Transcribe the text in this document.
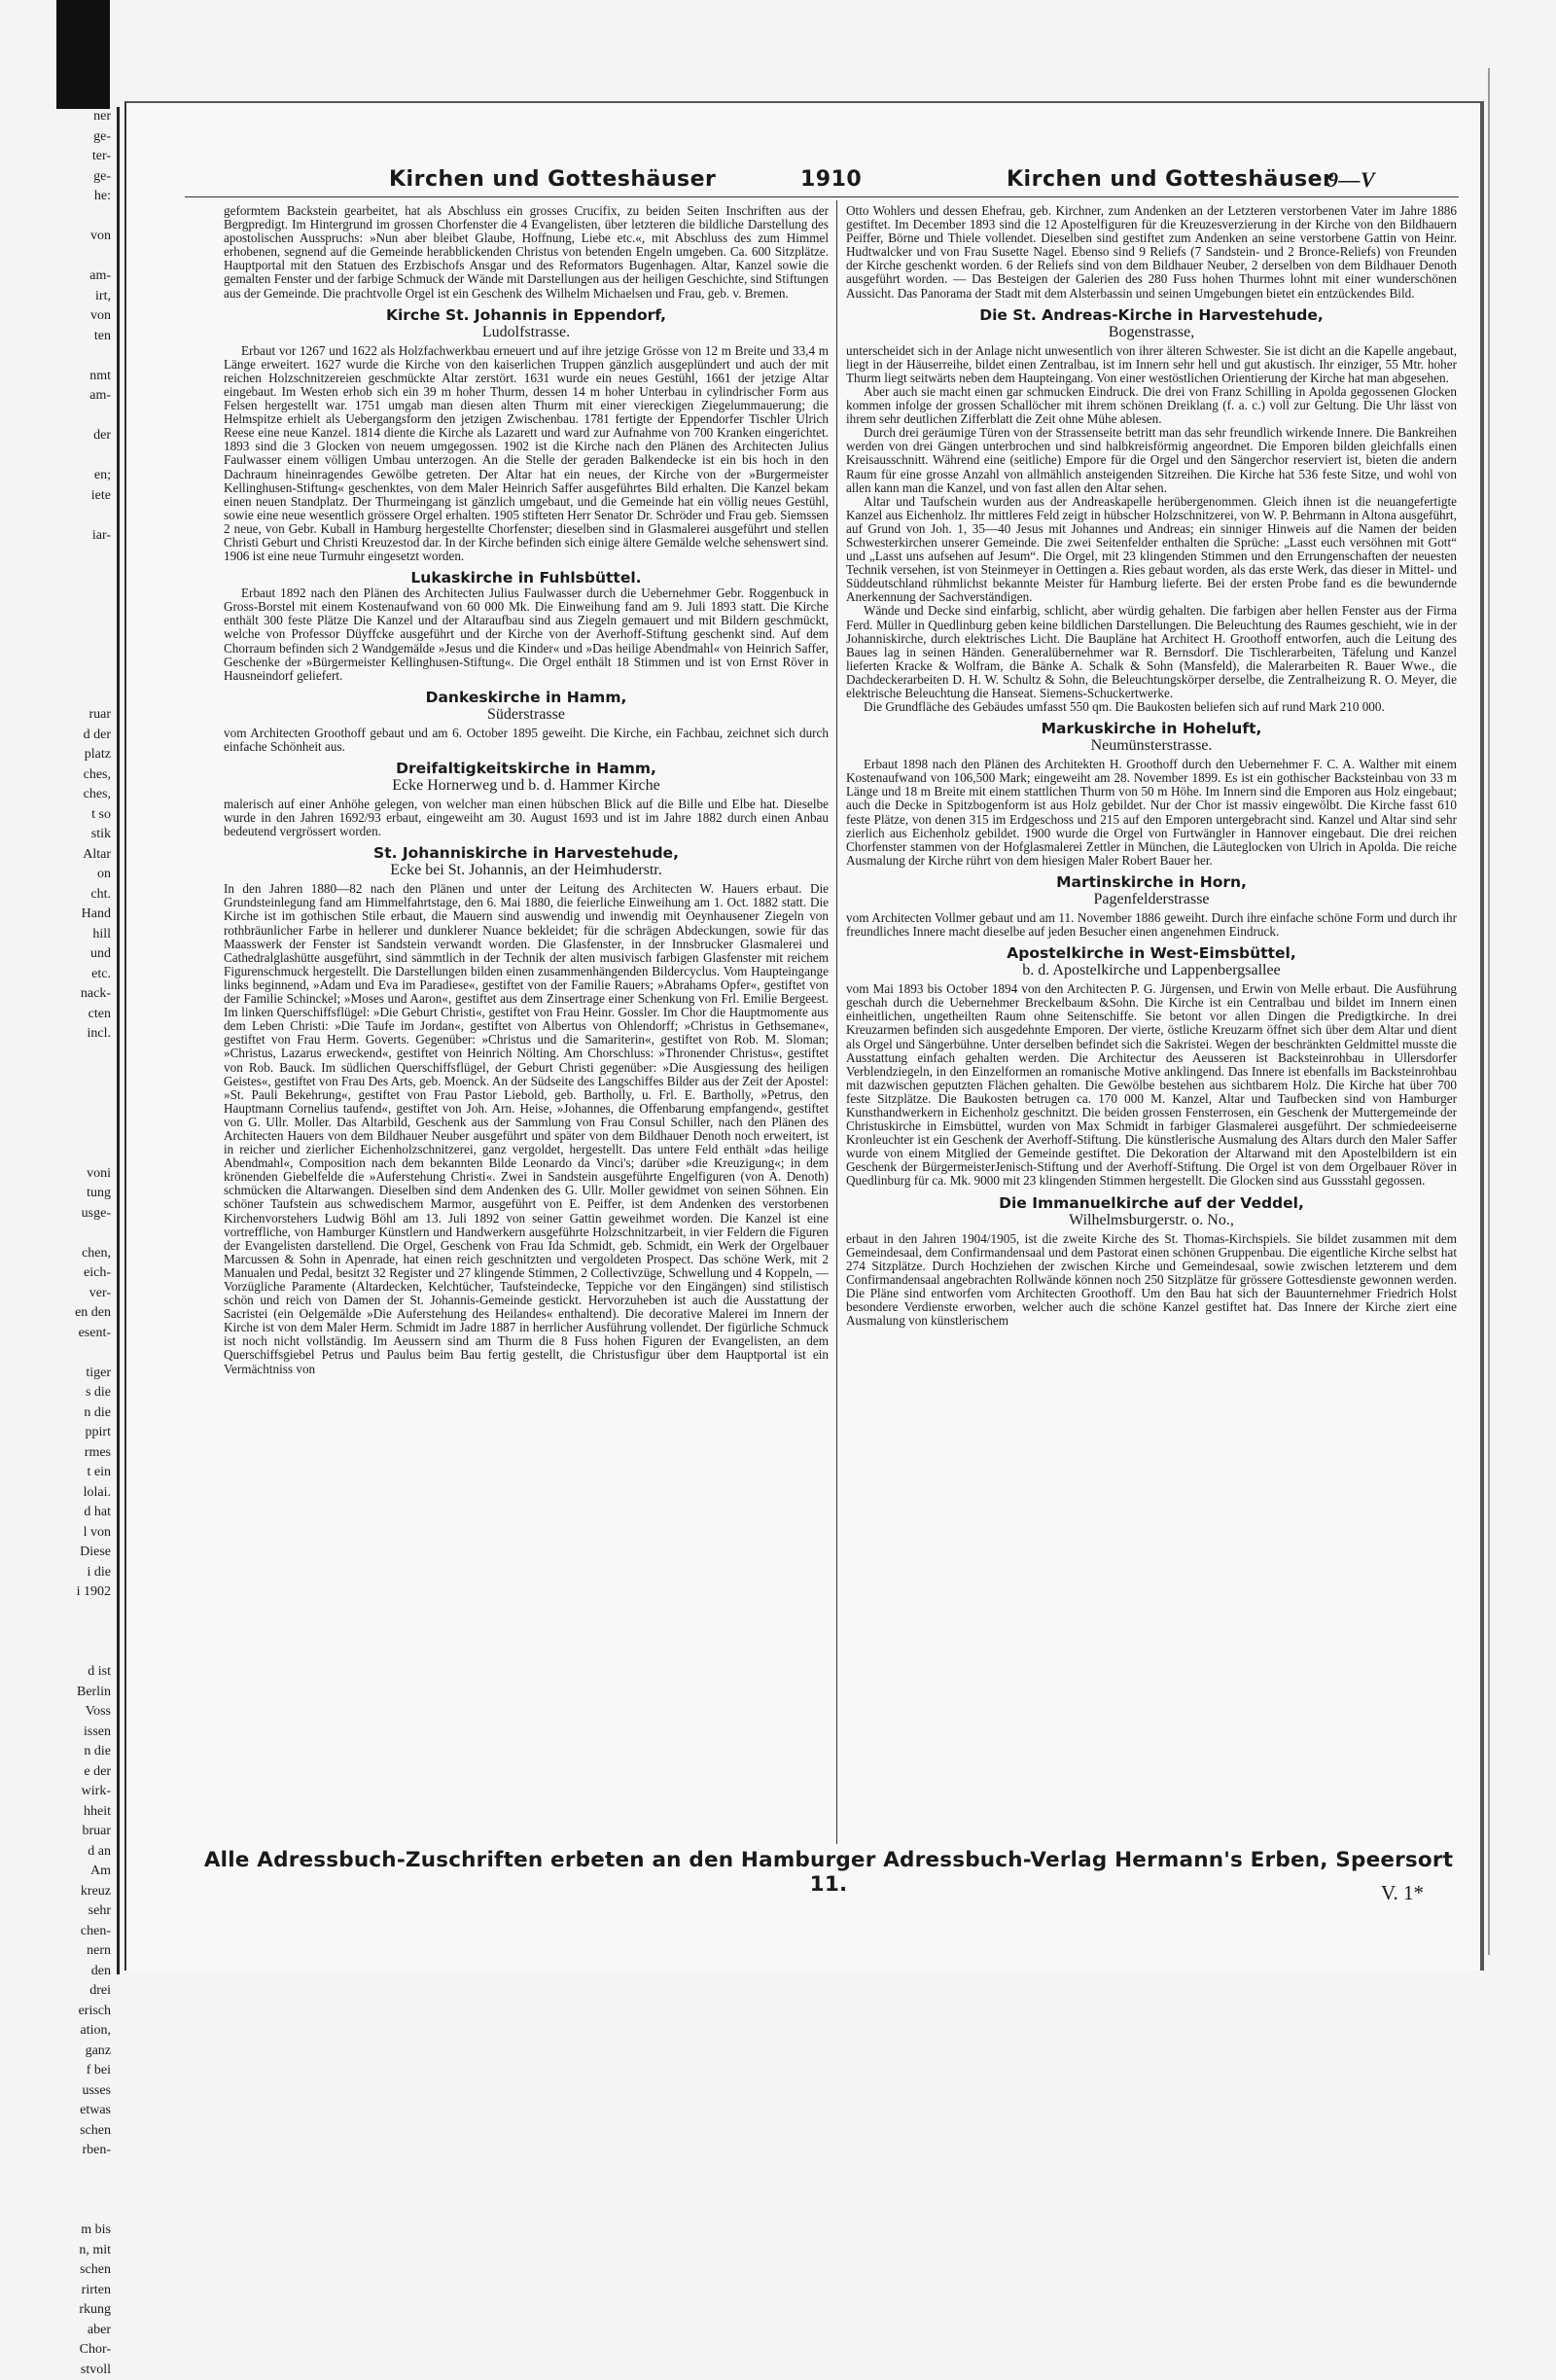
ner
ge-
ter-
ge-
he:

von

am-
irt,
von
ten

nmt
am-

der

en;
iete

iar-

ruar
d der
platz
ches,
ches,
t so
stik
Altar
on
cht.
Hand
hill
und
etc.
nack-
cten
incl.

voni
tung
usge-

chen,
eich-
ver-
en den
esent-

tiger
s die
n die
ppirt
rmes
t ein
lolai.
d hat
l von
Diese
i die
i 1902

d ist
Berlin
Voss
issen
n die
e der
wirk-
hheit
bruar
d an
Am
kreuz
sehr
chen-
nern
den
drei
erisch
ation,
ganz
f bei
usses
etwas
schen
rben-

m bis
n, mit
schen
rirten
rkung
aber
Chor-
stvoll
Kirchen und Gotteshäuser	1910	Kirchen und Gotteshäuser
9—V

geformtem Backstein gearbeitet, hat als Abschluss ein grosses Crucifix, zu beiden Seiten Inschriften aus der Bergpredigt. Im Hintergrund im grossen Chorfenster die 4 Evangelisten, über letzteren die bildliche Darstellung des apostolischen Ausspruchs: »Nun aber bleibet Glaube, Hoffnung, Liebe etc.«, mit Abschluss des zum Himmel erhobenen, segnend auf die Gemeinde herabblickenden Christus von betenden Engeln umgeben. Ca. 600 Sitzplätze. Hauptportal mit den Statuen des Erzbischofs Ansgar und des Reformators Bugenhagen. Altar, Kanzel sowie die gemalten Fenster und der farbige Schmuck der Wände mit Darstellungen aus der heiligen Geschichte, sind Stiftungen aus der Gemeinde. Die prachtvolle Orgel ist ein Geschenk des Wilhelm Michaelsen und Frau, geb. v. Bremen.

Kirche St. Johannis in Eppendorf,
Ludolfstrasse.

Erbaut vor 1267 und 1622 als Holzfachwerkbau erneuert und auf ihre jetzige Grösse von 12 m Breite und 33,4 m Länge erweitert. 1627 wurde die Kirche von den kaiserlichen Truppen gänzlich ausgeplündert und auch der mit reichen Holzschnitzereien geschmückte Altar zerstört. 1631 wurde ein neues Gestühl, 1661 der jetzige Altar eingebaut. Im Westen erhob sich ein 39 m hoher Thurm, dessen 14 m hoher Unterbau in cylindrischer Form aus Felsen hergestellt war. 1751 umgab man diesen alten Thurm mit einer viereckigen Ziegelummauerung; die Helmspitze erhielt als Uebergangsform den jetzigen Zwischenbau. 1781 fertigte der Eppendorfer Tischler Ulrich Reese eine neue Kanzel. 1814 diente die Kirche als Lazarett und ward zur Aufnahme von 700 Kranken eingerichtet. 1893 sind die 3 Glocken von neuem umgegossen. 1902 ist die Kirche nach den Plänen des Architecten Julius Faulwasser einem völligen Umbau unterzogen. An die Stelle der geraden Balkendecke ist ein bis hoch in den Dachraum hineinragendes Gewölbe getreten. Der Altar hat ein neues, der Kirche von der »Burgermeister Kellinghusen-Stiftung« geschenktes, von dem Maler Heinrich Saffer ausgeführtes Bild erhalten. Die Kanzel bekam einen neuen Standplatz. Der Thurmeingang ist gänzlich umgebaut, und die Gemeinde hat ein völlig neues Gestühl, sowie eine neue wesentlich grössere Orgel erhalten. 1905 stifteten Herr Senator Dr. Schröder und Frau geb. Siemssen 2 neue, von Gebr. Kuball in Hamburg hergestellte Chorfenster; dieselben sind in Glasmalerei ausgeführt und stellen Christi Geburt und Christi Kreuzestod dar. In der Kirche befinden sich einige ältere Gemälde welche sehenswert sind. 1906 ist eine neue Turmuhr eingesetzt worden.

Lukaskirche in Fuhlsbüttel.

Erbaut 1892 nach den Plänen des Architecten Julius Faulwasser durch die Uebernehmer Gebr. Roggenbuck in Gross-Borstel mit einem Kostenaufwand von 60 000 Mk. Die Einweihung fand am 9. Juli 1893 statt. Die Kirche enthält 300 feste Plätze Die Kanzel und der Altaraufbau sind aus Ziegeln gemauert und mit Bildern geschmückt, welche von Professor Düyffcke ausgeführt und der Kirche von der Averhoff-Stiftung geschenkt sind. Auf dem Chorraum befinden sich 2 Wandgemälde »Jesus und die Kinder« und »Das heilige Abendmahl« von Heinrich Saffer, Geschenke der »Bürgermeister Kellinghusen-Stiftung«. Die Orgel enthält 18 Stimmen und ist von Ernst Röver in Hausneindorf geliefert.

Dankeskirche in Hamm,
Süderstrasse

vom Architecten Groothoff gebaut und am 6. October 1895 geweiht. Die Kirche, ein Fachbau, zeichnet sich durch einfache Schönheit aus.

Dreifaltigkeitskirche in Hamm,
Ecke Hornerweg und b. d. Hammer Kirche

malerisch auf einer Anhöhe gelegen, von welcher man einen hübschen Blick auf die Bille und Elbe hat. Dieselbe wurde in den Jahren 1692/93 erbaut, eingeweiht am 30. August 1693 und ist im Jahre 1882 durch einen Anbau bedeutend vergrössert worden.

St. Johanniskirche in Harvestehude,
Ecke bei St. Johannis, an der Heimhuderstr.

In den Jahren 1880—82 nach den Plänen und unter der Leitung des Architecten W. Hauers erbaut. Die Grundsteinlegung fand am Himmelfahrtstage, den 6. Mai 1880, die feierliche Einweihung am 1. Oct. 1882 statt. Die Kirche ist im gothischen Stile erbaut, die Mauern sind auswendig und inwendig mit Oeynhausener Ziegeln von rothbräunlicher Farbe in hellerer und dunklerer Nuance bekleidet; für die schrägen Abdeckungen, sowie für das Maasswerk der Fenster ist Sandstein verwandt worden. Die Glasfenster, in der Innsbrucker Glasmalerei und Cathedralglashütte ausgeführt, sind sämmtlich in der Technik der alten musivisch farbigen Glasfenster mit reichem Figurenschmuck hergestellt. Die Darstellungen bilden einen zusammenhängenden Bildercyclus. Vom Haupteingange links beginnend, »Adam und Eva im Paradiese«, gestiftet von der Familie Rauers; »Abrahams Opfer«, gestiftet von der Familie Schinckel; »Moses und Aaron«, gestiftet aus dem Zinsertrage einer Schenkung von Frl. Emilie Bergeest. Im linken Querschiffsflügel: »Die Geburt Christi«, gestiftet von Frau Heinr. Gossler. Im Chor die Hauptmomente aus dem Leben Christi: »Die Taufe im Jordan«, gestiftet von Albertus von Ohlendorff; »Christus in Gethsemane«, gestiftet von Frau Herm. Goverts. Gegenüber: »Christus und die Samariterin«, gestiftet von Rob. M. Sloman; »Christus, Lazarus erweckend«, gestiftet von Heinrich Nölting. Am Chorschluss: »Thronender Christus«, gestiftet von Rob. Bauck. Im südlichen Querschiffsflügel, der Geburt Christi gegenüber: »Die Ausgiessung des heiligen Geistes«, gestiftet von Frau Des Arts, geb. Moenck. An der Südseite des Langschiffes Bilder aus der Zeit der Apostel: »St. Pauli Bekehrung«, gestiftet von Frau Pastor Liebold, geb. Bartholly, u. Frl. E. Bartholly, »Petrus, den Hauptmann Cornelius taufend«, gestiftet von Joh. Arn. Heise, »Johannes, die Offenbarung empfangend«, gestiftet von G. Ullr. Moller. Das Altarbild, Geschenk aus der Sammlung von Frau Consul Schiller, nach den Plänen des Architecten Hauers von dem Bildhauer Neuber ausgeführt und später von dem Bildhauer Denoth noch erweitert, ist in reicher und zierlicher Eichenholzschnitzerei, ganz vergoldet, hergestellt. Das untere Feld enthält »das heilige Abendmahl«, Composition nach dem bekannten Bilde Leonardo da Vinci's; darüber »die Kreuzigung«; in dem krönenden Giebelfelde die »Auferstehung Christi«. Zwei in Sandstein ausgeführte Engelfiguren (von A. Denoth) schmücken die Altarwangen. Dieselben sind dem Andenken des G. Ullr. Moller gewidmet von seinen Söhnen. Ein schöner Taufstein aus schwedischem Marmor, ausgeführt von E. Peiffer, ist dem Andenken des verstorbenen Kirchenvorstehers Ludwig Böhl am 13. Juli 1892 von seiner Gattin geweihmet worden. Die Kanzel ist eine vortreffliche, von Hamburger Künstlern und Handwerkern ausgeführte Holzschnitzarbeit, in vier Feldern die Figuren der Evangelisten darstellend. Die Orgel, Geschenk von Frau Ida Schmidt, geb. Schmidt, ein Werk der Orgelbauer Marcussen & Sohn in Apenrade, hat einen reich geschnitzten und vergoldeten Prospect. Das schöne Werk, mit 2 Manualen und Pedal, besitzt 32 Register und 27 klingende Stimmen, 2 Collectivzüge, Schwellung und 4 Koppeln, — Vorzügliche Paramente (Altardecken, Kelchtücher, Taufsteindecke, Teppiche vor den Eingängen) sind stilistisch schön und reich von Damen der St. Johannis-Gemeinde gestickt. Hervorzuheben ist auch die Ausstattung der Sacristei (ein Oelgemälde »Die Auferstehung des Heilandes« enthaltend). Die decorative Malerei im Innern der Kirche ist von dem Maler Herm. Schmidt im Jadre 1887 in herrlicher Ausführung vollendet. Der figürliche Schmuck ist noch nicht vollständig. Im Aeussern sind am Thurm die 8 Fuss hohen Figuren der Evangelisten, an dem Querschiffsgiebel Petrus und Paulus beim Bau fertig gestellt, die Christusfigur über dem Hauptportal ist ein Vermächtniss von

Otto Wohlers und dessen Ehefrau, geb. Kirchner, zum Andenken an der Letzteren verstorbenen Vater im Jahre 1886 gestiftet. Im December 1893 sind die 12 Apostelfiguren für die Kreuzesverzierung in der Kirche von den Bildhauern Peiffer, Börne und Thiele vollendet. Dieselben sind gestiftet zum Andenken an seine verstorbene Gattin von Heinr. Hudtwalcker und von Frau Susette Nagel. Ebenso sind 9 Reliefs (7 Sandstein- und 2 Bronce-Reliefs) von Freunden der Kirche geschenkt worden. 6 der Reliefs sind von dem Bildhauer Neuber, 2 derselben von dem Bildhauer Denoth ausgeführt worden. — Das Besteigen der Galerien des 280 Fuss hohen Thurmes lohnt mit einer wunderschönen Aussicht. Das Panorama der Stadt mit dem Alsterbassin und seinen Umgebungen bietet ein entzückendes Bild.

Die St. Andreas-Kirche in Harvestehude,
Bogenstrasse,

unterscheidet sich in der Anlage nicht unwesentlich von ihrer älteren Schwester. Sie ist dicht an die Kapelle angebaut, liegt in der Häuserreihe, bildet einen Zentralbau, ist im Innern sehr hell und gut akustisch. Ihr einziger, 55 Mtr. hoher Thurm liegt seitwärts neben dem Haupteingang. Von einer westöstlichen Orientierung der Kirche hat man abgesehen.

Aber auch sie macht einen gar schmucken Eindruck. Die drei von Franz Schilling in Apolda gegossenen Glocken kommen infolge der grossen Schallöcher mit ihrem schönen Dreiklang (f. a. c.) voll zur Geltung. Die Uhr lässt von ihrem sehr deutlichen Zifferblatt die Zeit ohne Mühe ablesen.

Durch drei geräumige Türen von der Strassenseite betritt man das sehr freundlich wirkende Innere. Die Bankreihen werden von drei Gängen unterbrochen und sind halbkreisförmig angeordnet. Die Emporen bilden gleichfalls einen Kreisausschnitt. Während eine (seitliche) Empore für die Orgel und den Sängerchor reserviert ist, bieten die andern Raum für eine grosse Anzahl von allmählich ansteigenden Sitzreihen. Die Kirche hat 536 feste Sitze, und wohl von allen kann man die Kanzel, und von fast allen den Altar sehen.

Altar und Taufschein wurden aus der Andreaskapelle herübergenommen. Gleich ihnen ist die neuangefertigte Kanzel aus Eichenholz. Ihr mittleres Feld zeigt in hübscher Holzschnitzerei, von W. P. Behrmann in Altona ausgeführt, auf Grund von Joh. 1, 35—40 Jesus mit Johannes und Andreas; ein sinniger Hinweis auf die Namen der beiden Schwesterkirchen unserer Gemeinde. Die zwei Seitenfelder enthalten die Sprüche: „Lasst euch versöhnen mit Gott“ und „Lasst uns aufsehen auf Jesum“. Die Orgel, mit 23 klingenden Stimmen und den Errungenschaften der neuesten Technik versehen, ist von Steinmeyer in Oettingen a. Ries gebaut worden, als das erste Werk, das dieser in Mittel- und Süddeutschland rühmlichst bekannte Meister für Hamburg lieferte. Bei der ersten Probe fand es die bewundernde Anerkennung der Sachverständigen.

Wände und Decke sind einfarbig, schlicht, aber würdig gehalten. Die farbigen aber hellen Fenster aus der Firma Ferd. Müller in Quedlinburg geben keine bildlichen Darstellungen. Die Beleuchtung des Raumes geschieht, wie in der Johanniskirche, durch elektrisches Licht. Die Baupläne hat Architect H. Groothoff entworfen, auch die Leitung des Baues lag in seinen Händen. Generalübernehmer war R. Bernsdorf. Die Tischlerarbeiten, Täfelung und Kanzel lieferten Kracke & Wolfram, die Bänke A. Schalk & Sohn (Mansfeld), die Malerarbeiten R. Bauer Wwe., die Dachdeckerarbeiten D. H. W. Schultz & Sohn, die Beleuchtungskörper derselbe, die Zentralheizung R. O. Meyer, die elektrische Beleuchtung die Hanseat. Siemens-Schuckertwerke.

Die Grundfläche des Gebäudes umfasst 550 qm. Die Baukosten beliefen sich auf rund Mark 210 000.

Markuskirche in Hoheluft,
Neumünsterstrasse.

Erbaut 1898 nach den Plänen des Architekten H. Groothoff durch den Uebernehmer F. C. A. Walther mit einem Kostenaufwand von 106,500 Mark; eingeweiht am 28. November 1899. Es ist ein gothischer Backsteinbau von 33 m Länge und 18 m Breite mit einem stattlichen Thurm von 50 m Höhe. Im Innern sind die Emporen aus Holz eingebaut; auch die Decke in Spitzbogenform ist aus Holz gebildet. Nur der Chor ist massiv eingewölbt. Die Kirche fasst 610 feste Plätze, von denen 315 im Erdgeschoss und 215 auf den Emporen untergebracht sind. Kanzel und Altar sind sehr zierlich aus Eichenholz gebildet. 1900 wurde die Orgel von Furtwängler in Hannover eingebaut. Die drei reichen Chorfenster stammen von der Hofglasmalerei Zettler in München, die Läuteglocken von Ulrich in Apolda. Die reiche Ausmalung der Kirche rührt von dem hiesigen Maler Robert Bauer her.

Martinskirche in Horn,
Pagenfelderstrasse

vom Architecten Vollmer gebaut und am 11. November 1886 geweiht. Durch ihre einfache schöne Form und durch ihr freundliches Innere macht dieselbe auf jeden Besucher einen angenehmen Eindruck.

Apostelkirche in West-Eimsbüttel,
b. d. Apostelkirche und Lappenbergsallee

vom Mai 1893 bis October 1894 von den Architecten P. G. Jürgensen, und Erwin von Melle erbaut. Die Ausführung geschah durch die Uebernehmer Breckelbaum &Sohn. Die Kirche ist ein Centralbau und bildet im Innern einen einheitlichen, ungetheilten Raum ohne Seitenschiffe. Sie betont vor allen Dingen die Predigtkirche. In drei Kreuzarmen befinden sich ausgedehnte Emporen. Der vierte, östliche Kreuzarm öffnet sich über dem Altar und dient als Orgel und Sängerbühne. Unter derselben befindet sich die Sakristei. Wegen der beschränkten Geldmittel musste die Ausstattung einfach gehalten werden. Die Architectur des Aeusseren ist Backsteinrohbau in Ullersdorfer Verblendziegeln, in den Einzelformen an romanische Motive anklingend. Das Innere ist ebenfalls im Backsteinrohbau mit dazwischen geputzten Flächen gehalten. Die Gewölbe bestehen aus sichtbarem Holz. Die Kirche hat über 700 feste Sitzplätze. Die Baukosten betrugen ca. 170 000 M. Kanzel, Altar und Taufbecken sind von Hamburger Kunsthandwerkern in Eichenholz geschnitzt. Die beiden grossen Fensterrosen, ein Geschenk der Muttergemeinde der Christuskirche in Eimsbüttel, wurden von Max Schmidt in farbiger Glasmalerei ausgeführt. Der schmiedeeiserne Kronleuchter ist ein Geschenk der Averhoff-Stiftung. Die künstlerische Ausmalung des Altars durch den Maler Saffer wurde von einem Mitglied der Gemeinde gestiftet. Die Dekoration der Altarwand mit den Apostelbildern ist ein Geschenk der BürgermeisterJenisch-Stiftung und der Averhoff-Stiftung. Die Orgel ist von dem Orgelbauer Röver in Quedlinburg für ca. Mk. 9000 mit 23 klingenden Stimmen hergestellt. Die Glocken sind aus Gussstahl gegossen.

Die Immanuelkirche auf der Veddel,
Wilhelmsburgerstr. o. No.,

erbaut in den Jahren 1904/1905, ist die zweite Kirche des St. Thomas-Kirchspiels. Sie bildet zusammen mit dem Gemeindesaal, dem Confirmandensaal und dem Pastorat einen schönen Gruppenbau. Die eigentliche Kirche selbst hat 274 Sitzplätze. Durch Hochziehen der zwischen Kirche und Gemeindesaal, sowie zwischen letzterem und dem Confirmandensaal angebrachten Rollwände können noch 250 Sitzplätze für grössere Gottesdienste gewonnen werden. Die Pläne sind entworfen vom Architecten Groothoff. Um den Bau hat sich der Bauunternehmer Friedrich Holst besondere Verdienste erworben, welcher auch die schöne Kanzel gestiftet hat. Das Innere der Kirche ziert eine Ausmalung von künstlerischem

Alle Adressbuch-Zuschriften erbeten an den Hamburger Adressbuch-Verlag Hermann's Erben, Speersort 11.	V. 1*
